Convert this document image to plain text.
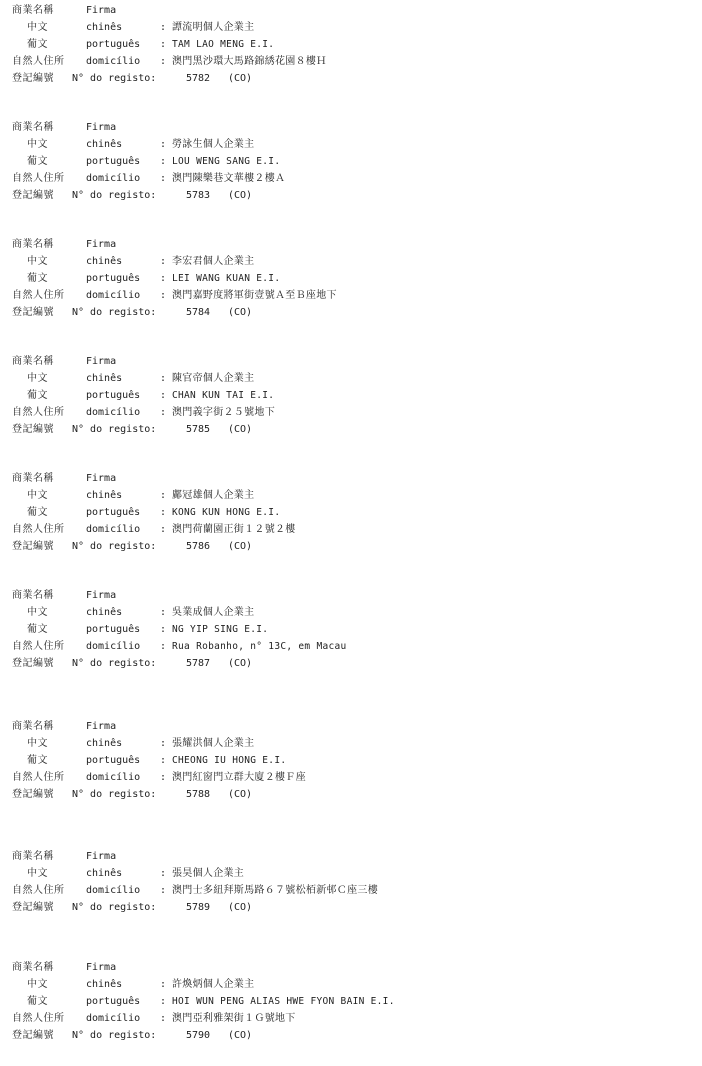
商業名稱	Firma
中文	chinês	: 譚流明個人企業主
葡文	português : TAM LAO MENG E.I.
自然人住所 domicílio : 澳門黑沙環大馬路錦綉花園８樓Ｈ
登記編號 N° do registo:	5782 (CO)
商業名稱	Firma
中文	chinês	: 勞詠生個人企業主
葡文	português : LOU WENG SANG E.I.
自然人住所 domicílio : 澳門陳樂巷文華樓２樓Ａ
登記編號 N° do registo:	5783 (CO)
商業名稱	Firma
中文	chinês	: 李宏君個人企業主
葡文	português : LEI WANG KUAN E.I.
自然人住所 domicílio : 澳門嘉野度將軍街壹號Ａ至Ｂ座地下
登記編號 N° do registo:	5784 (CO)
商業名稱	Firma
中文	chinês	: 陳官帝個人企業主
葡文	português : CHAN KUN TAI E.I.
自然人住所 domicílio : 澳門義字街２５號地下
登記編號 N° do registo:	5785 (CO)
商業名稱	Firma
中文	chinês	: 鄺冠雄個人企業主
葡文	português : KONG KUN HONG E.I.
自然人住所 domicílio : 澳門荷蘭園正街１２號２樓
登記編號 N° do registo:	5786 (CO)
商業名稱	Firma
中文	chinês	: 吳業成個人企業主
葡文	português : NG YIP SING E.I.
自然人住所 domicílio : Rua Robanho, n° 13C, em Macau
登記編號 N° do registo:	5787 (CO)
商業名稱	Firma
中文	chinês	: 張耀洪個人企業主
葡文	português : CHEONG IU HONG E.I.
自然人住所 domicílio : 澳門紅窗門立群大廈２樓Ｆ座
登記編號 N° do registo:	5788 (CO)
商業名稱	Firma
中文	chinês	: 張昊個人企業主
自然人住所 domicílio : 澳門士多紐拜斯馬路６７號松栢新邨Ｃ座三樓
登記編號 N° do registo:	5789 (CO)
商業名稱	Firma
中文	chinês	: 許煥炳個人企業主
葡文	português : HOI WUN PENG ALIAS HWE FYON BAIN E.I.
自然人住所 domicílio : 澳門亞利雅架街１Ｇ號地下
登記編號 N° do registo:	5790 (CO)
